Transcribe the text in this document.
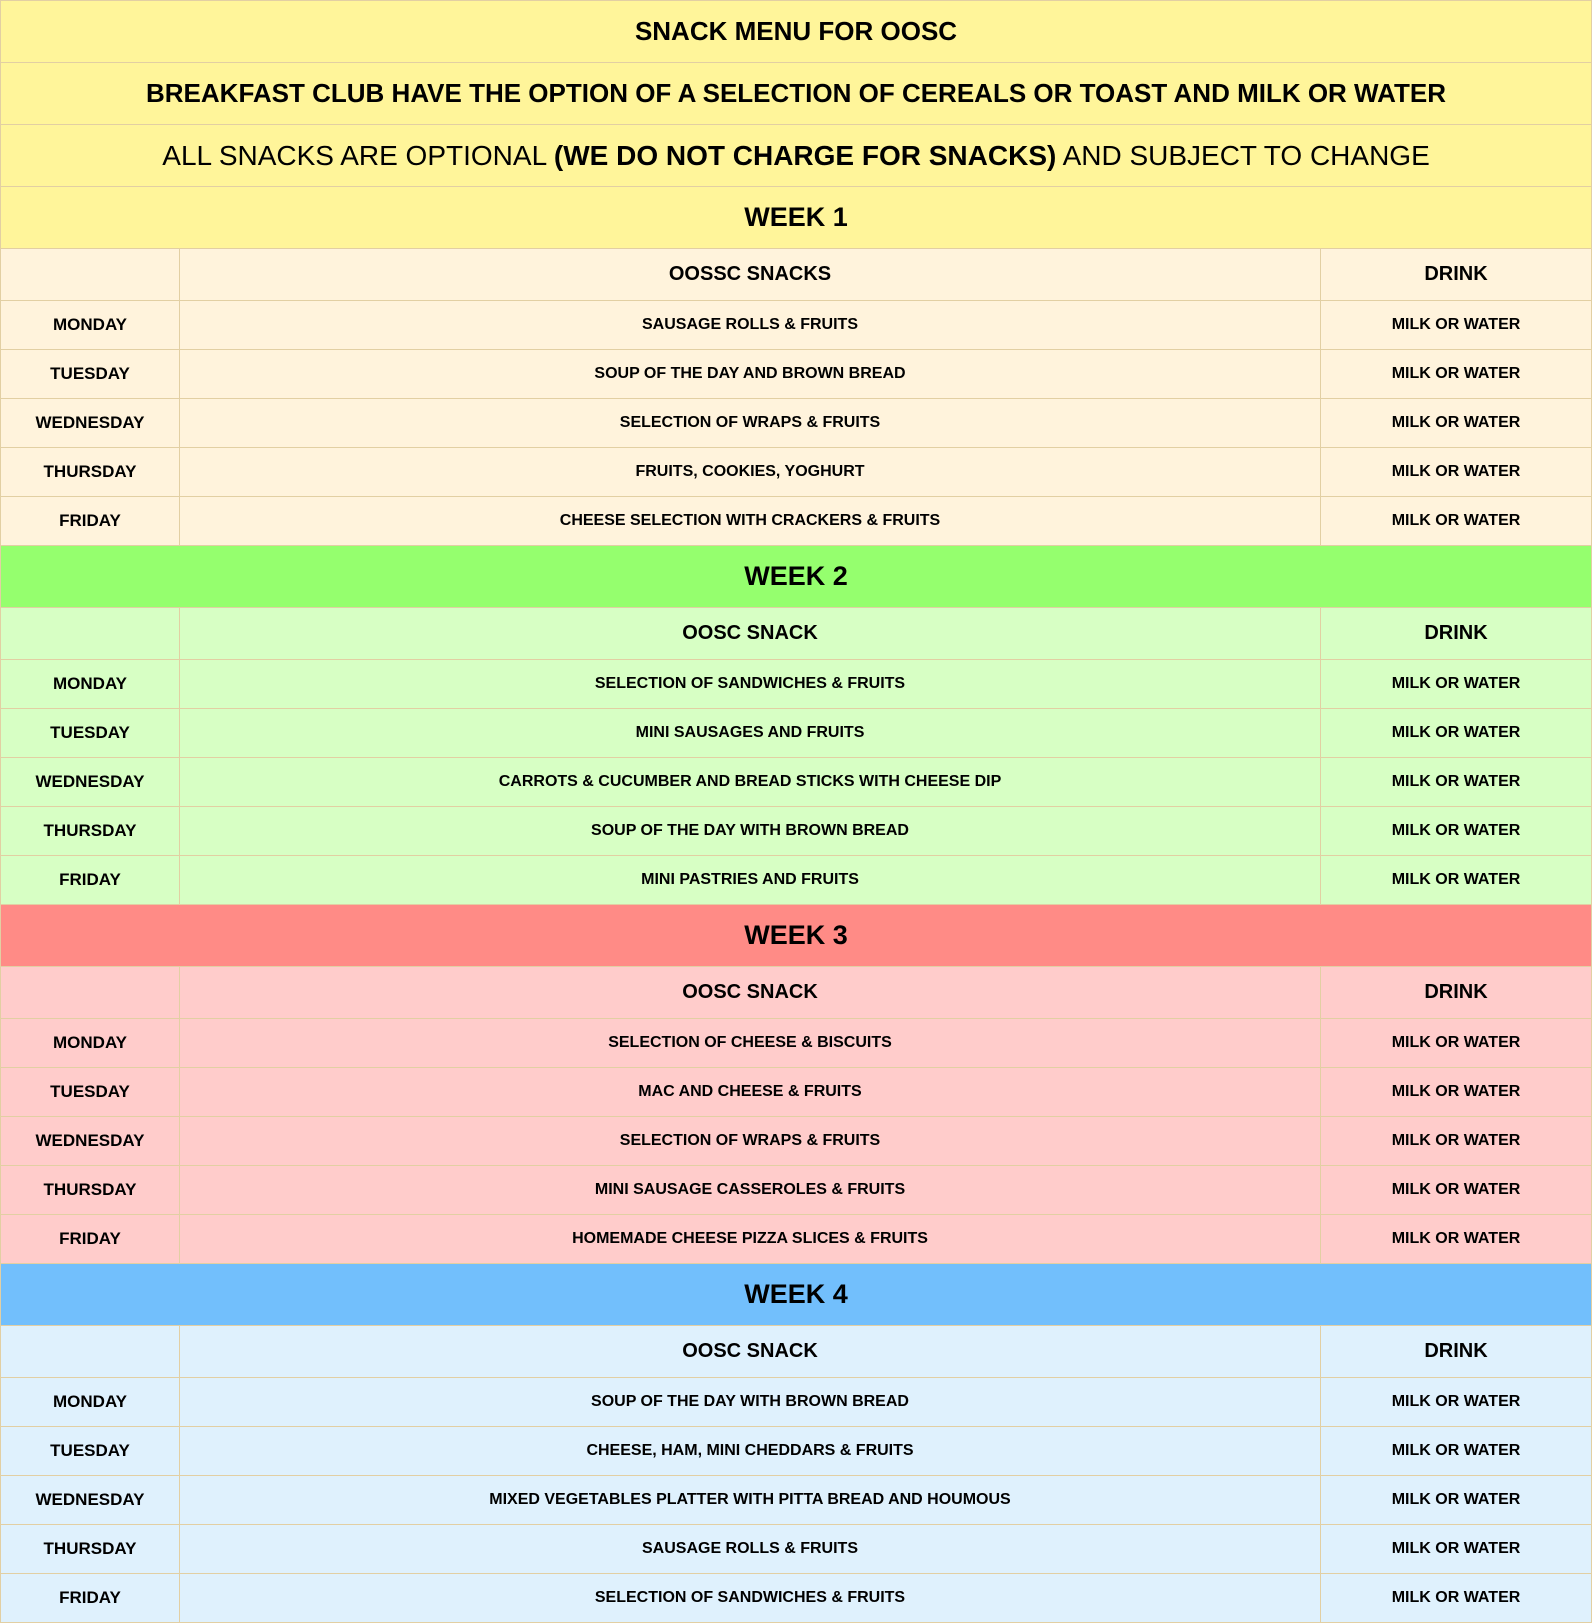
SNACK MENU FOR OOSC		
BREAKFAST CLUB HAVE THE OPTION OF A SELECTION OF CEREALS OR TOAST AND MILK OR WATER		
ALL SNACKS ARE OPTIONAL (WE DO NOT CHARGE FOR SNACKS) AND SUBJECT TO CHANGE		
WEEK 1		
	OOSSC SNACKS	DRINK
MONDAY	SAUSAGE ROLLS & FRUITS	MILK OR WATER
TUESDAY	SOUP OF THE DAY AND BROWN BREAD	MILK OR WATER
WEDNESDAY	SELECTION OF WRAPS & FRUITS	MILK OR WATER
THURSDAY	FRUITS, COOKIES, YOGHURT	MILK OR WATER
FRIDAY	CHEESE SELECTION WITH CRACKERS & FRUITS	MILK OR WATER
WEEK 2		
	OOSC SNACK	DRINK
MONDAY	SELECTION OF SANDWICHES & FRUITS	MILK OR WATER
TUESDAY	MINI SAUSAGES AND FRUITS	MILK OR WATER
WEDNESDAY	CARROTS & CUCUMBER AND BREAD STICKS WITH CHEESE DIP	MILK OR WATER
THURSDAY	SOUP OF THE DAY WITH BROWN BREAD	MILK OR WATER
FRIDAY	MINI PASTRIES AND FRUITS	MILK OR WATER
WEEK 3		
	OOSC SNACK	DRINK
MONDAY	SELECTION OF CHEESE & BISCUITS	MILK OR WATER
TUESDAY	MAC AND CHEESE & FRUITS	MILK OR WATER
WEDNESDAY	SELECTION OF WRAPS & FRUITS	MILK OR WATER
THURSDAY	MINI SAUSAGE CASSEROLES & FRUITS	MILK OR WATER
FRIDAY	HOMEMADE CHEESE PIZZA SLICES & FRUITS	MILK OR WATER
WEEK 4		
	OOSC SNACK	DRINK
MONDAY	SOUP OF THE DAY WITH BROWN BREAD	MILK OR WATER
TUESDAY	CHEESE, HAM, MINI CHEDDARS & FRUITS	MILK OR WATER
WEDNESDAY	MIXED VEGETABLES PLATTER WITH PITTA BREAD AND HOUMOUS	MILK OR WATER
THURSDAY	SAUSAGE ROLLS & FRUITS	MILK OR WATER
FRIDAY	SELECTION OF SANDWICHES & FRUITS	MILK OR WATER
